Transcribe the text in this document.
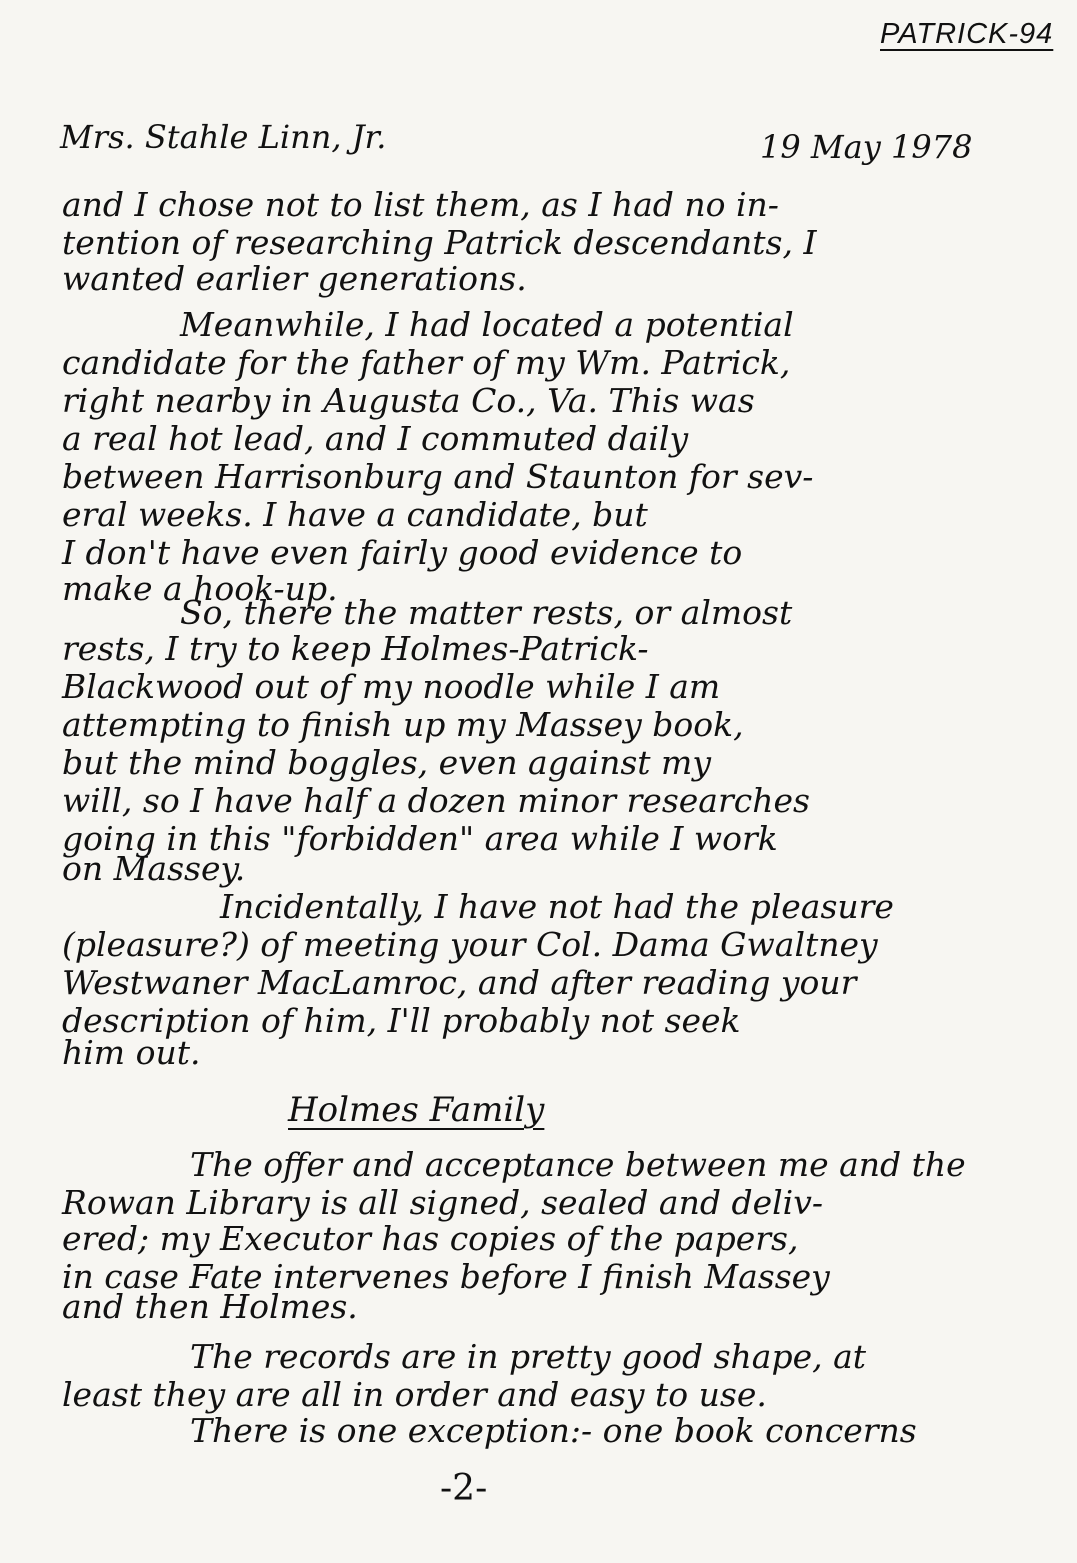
PATRICK-94
Mrs. Stahle Linn, Jr.	19 May 1978
and I chose not to list them, as I had no in-
tention of researching Patrick descendants, I
wanted earlier generations.
Meanwhile, I had located a potential
candidate for the father of my Wm. Patrick,
right nearby in Augusta Co., Va. This was
a real hot lead, and I commuted daily
between Harrisonburg and Staunton for sev-
eral weeks. I have a candidate, but
I don't have even fairly good evidence to
make a hook-up.
So, there the matter rests, or almost
rests, I try to keep Holmes-Patrick-
Blackwood out of my noodle while I am
attempting to finish up my Massey book,
but the mind boggles, even against my
will, so I have half a dozen minor researches
going in this "forbidden" area while I work
on Massey.
Incidentally, I have not had the pleasure
(pleasure?) of meeting your Col. Dama Gwaltney
Westwaner MacLamroc, and after reading your
description of him, I'll probably not seek
him out.
Holmes Family
The offer and acceptance between me and the
Rowan Library is all signed, sealed and deliv-
ered; my Executor has copies of the papers,
in case Fate intervenes before I finish Massey
and then Holmes.
The records are in pretty good shape, at
least they are all in order and easy to use.
There is one exception:- one book concerns
-2-
